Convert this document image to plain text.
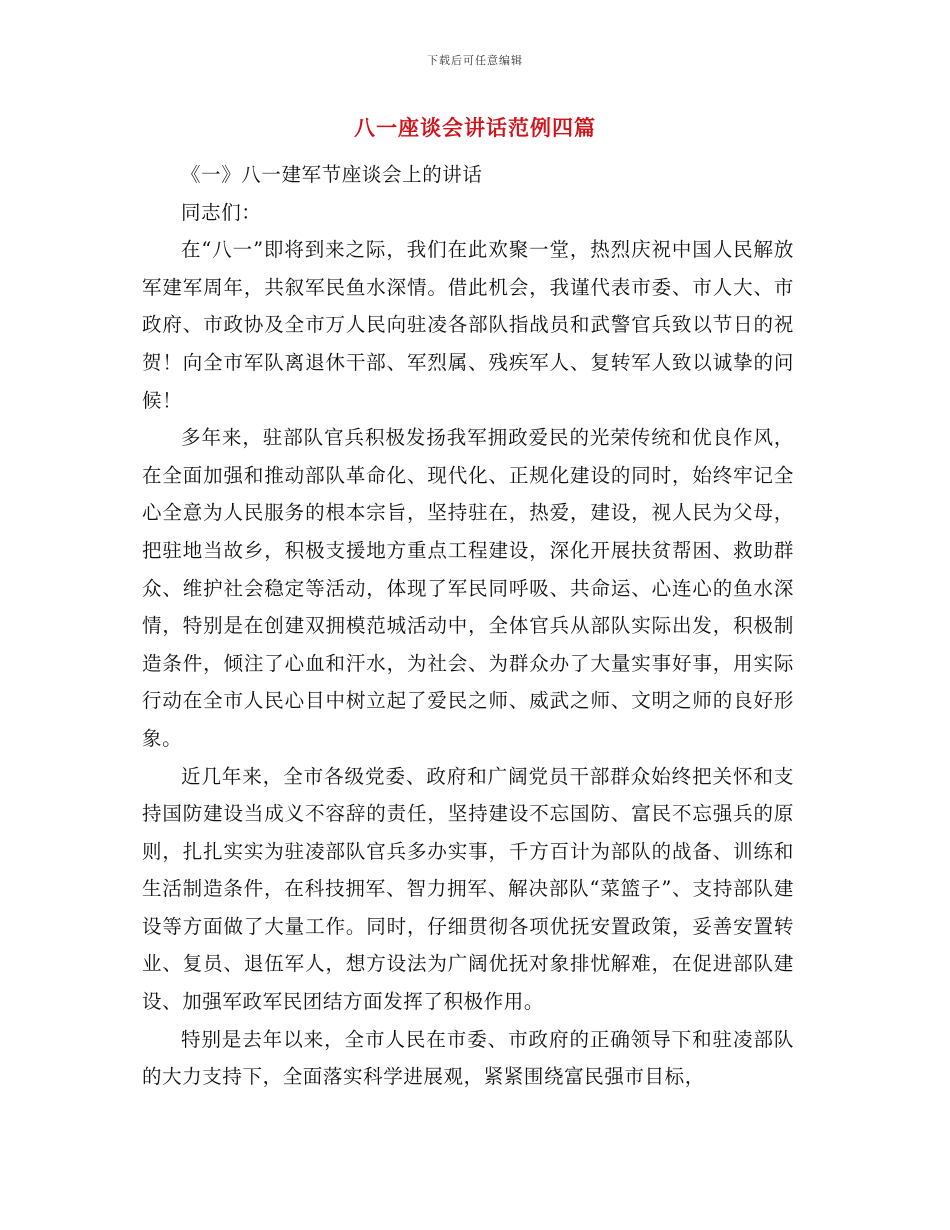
下载后可任意编辑
八一座谈会讲话范例四篇

《一》八一建军节座谈会上的讲话

同志们：

在“八一”即将到来之际，我们在此欢聚一堂，热烈庆祝中国人民解放军建军周年，共叙军民鱼水深情。借此机会，我谨代表市委、市人大、市政府、市政协及全市万人民向驻凌各部队指战员和武警官兵致以节日的祝贺！向全市军队离退休干部、军烈属、残疾军人、复转军人致以诚挚的问候！

多年来，驻部队官兵积极发扬我军拥政爱民的光荣传统和优良作风，在全面加强和推动部队革命化、现代化、正规化建设的同时，始终牢记全心全意为人民服务的根本宗旨，坚持驻在，热爱，建设，视人民为父母，把驻地当故乡，积极支援地方重点工程建设，深化开展扶贫帮困、救助群众、维护社会稳定等活动，体现了军民同呼吸、共命运、心连心的鱼水深情，特别是在创建双拥模范城活动中，全体官兵从部队实际出发，积极制造条件，倾注了心血和汗水，为社会、为群众办了大量实事好事，用实际行动在全市人民心目中树立起了爱民之师、威武之师、文明之师的良好形象。

近几年来，全市各级党委、政府和广阔党员干部群众始终把关怀和支持国防建设当成义不容辞的责任，坚持建设不忘国防、富民不忘强兵的原则，扎扎实实为驻凌部队官兵多办实事，千方百计为部队的战备、训练和生活制造条件，在科技拥军、智力拥军、解决部队“菜篮子”、支持部队建设等方面做了大量工作。同时，仔细贯彻各项优抚安置政策，妥善安置转业、复员、退伍军人，想方设法为广阔优抚对象排忧解难，在促进部队建设、加强军政军民团结方面发挥了积极作用。

特别是去年以来，全市人民在市委、市政府的正确领导下和驻凌部队的大力支持下，全面落实科学进展观，紧紧围绕富民强市目标，
